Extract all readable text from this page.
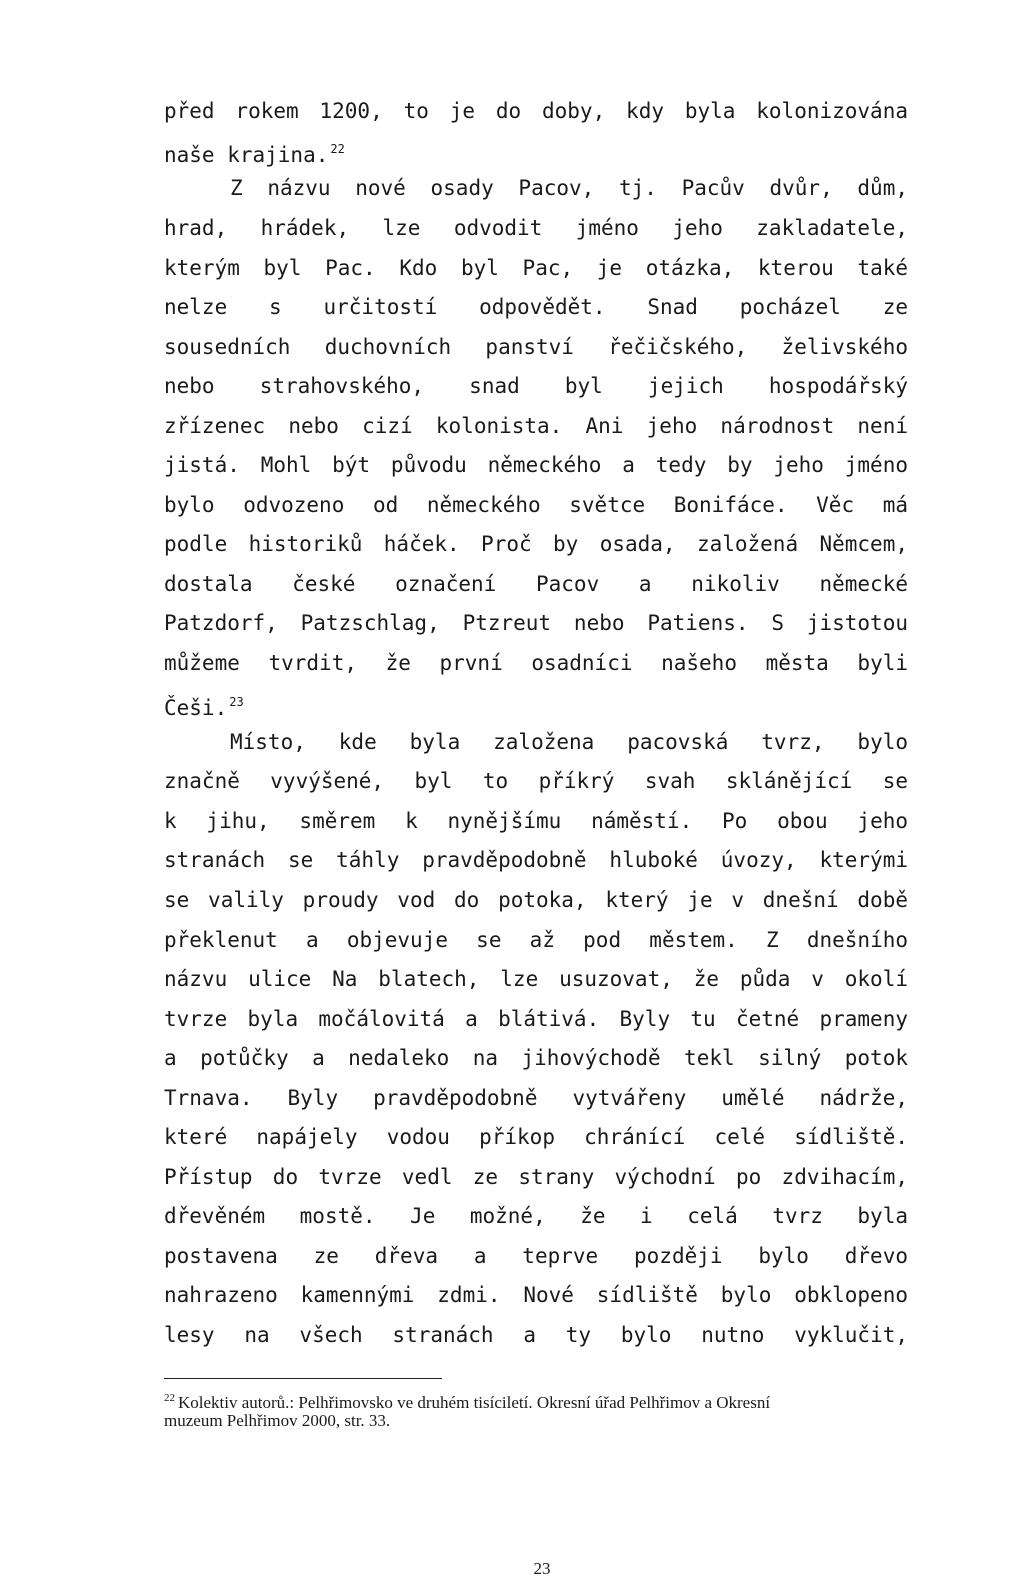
před rokem 1200, to je do doby, kdy byla kolonizována
naše krajina. $^{22}$
Z názvu nové osady Pacov, tj. Pacův dvůr, dům,
hrad, hrádek, lze odvodit jméno jeho zakladatele,
kterým byl Pac. Kdo byl Pac, je otázka, kterou také
nelze s určitostí odpovědět. Snad pocházel ze
sousedních duchovních panství řečičského, želivského
nebo strahovského, snad byl jejich hospodářský
zřízenec nebo cizí kolonista. Ani jeho národnost není
jistá. Mohl být původu německého a tedy by jeho jméno
bylo odvozeno od německého světce Bonifáce. Věc má
podle historiků háček. Proč by osada, založená Němcem,
dostala české označení Pacov a nikoliv německé
Patzdorf, Patzschlag, Ptzreut nebo Patiens. S jistotou
můžeme tvrdit, že první osadníci našeho města byli
Češi. $^{23}$
Místo, kde byla založena pacovská tvrz, bylo
značně vyvýšené, byl to příkrý svah sklánějící se
k jihu, směrem k nynějšímu náměstí. Po obou jeho
stranách se táhly pravděpodobně hluboké úvozy, kterými
se valily proudy vod do potoka, který je v dnešní době
překlenut a objevuje se až pod městem. Z dnešního
názvu ulice Na blatech, lze usuzovat, že půda v okolí
tvrze byla močálovitá a blátivá. Byly tu četné prameny
a potůčky a nedaleko na jihovýchodě tekl silný potok
Trnava. Byly pravděpodobně vytvářeny umělé nádrže,
které napájely vodou příkop chránící celé sídliště.
Přístup do tvrze vedl ze strany východní po zdvihacím,
dřevěném mostě. Je možné, že i celá tvrz byla
postavena ze dřeva a teprve později bylo dřevo
nahrazeno kamennými zdmi. Nové sídliště bylo obklopeno
lesy na všech stranách a ty bylo nutno vyklučit,
$^{22}$ Kolektiv autorů.: Pelhřimovsko ve druhém tisíciletí. Okresní úřad Pelhřimov a Okresní
muzeum Pelhřimov 2000, str. 33.
23
